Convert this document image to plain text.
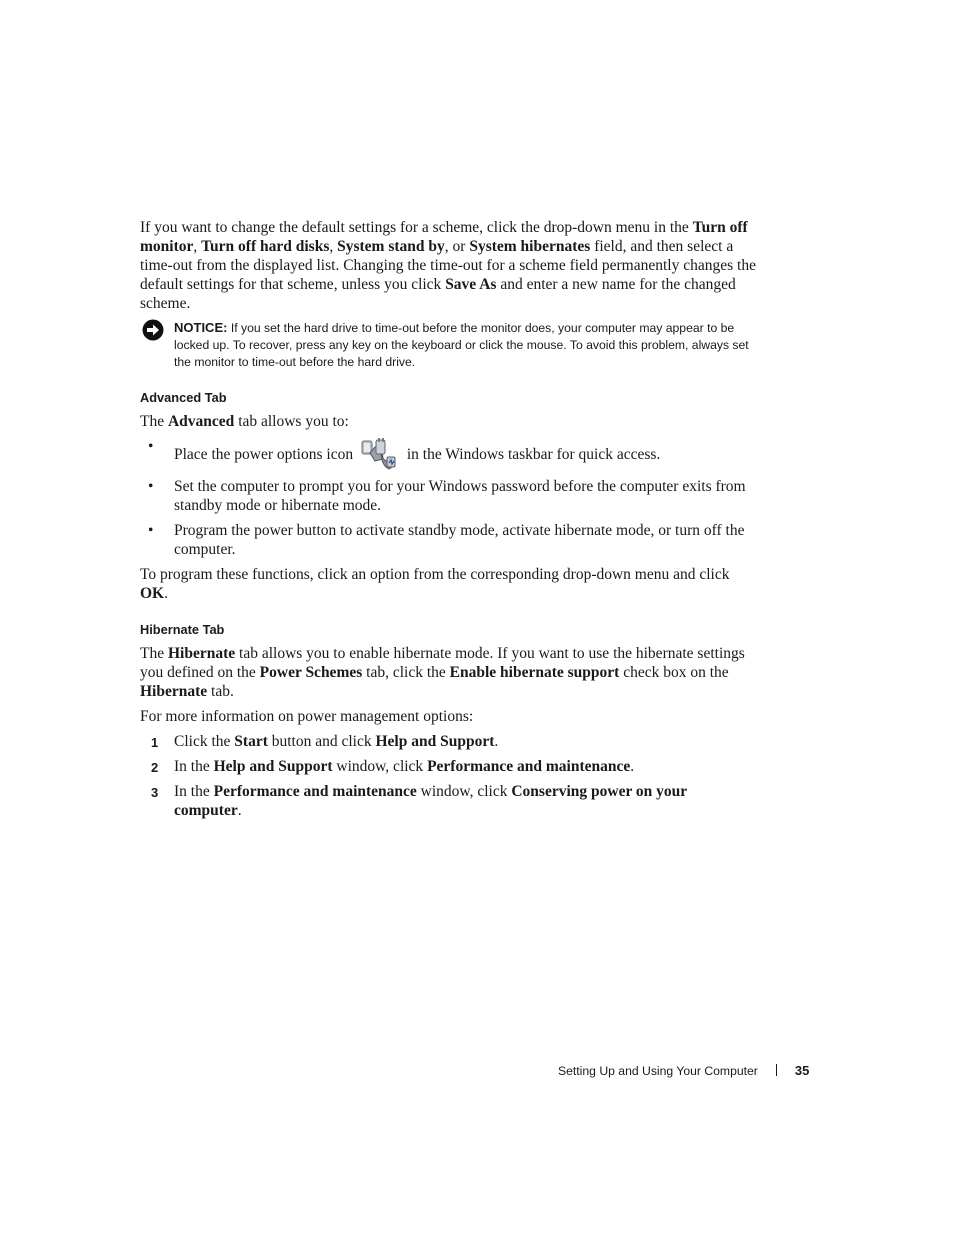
If you want to change the default settings for a scheme, click the drop-down menu in the Turn off monitor, Turn off hard disks, System stand by, or System hibernates field, and then select a time-out from the displayed list. Changing the time-out for a scheme field permanently changes the default settings for that scheme, unless you click Save As and enter a new name for the changed scheme.

NOTICE: If you set the hard drive to time-out before the monitor does, your computer may appear to be locked up. To recover, press any key on the keyboard or click the mouse. To avoid this problem, always set the monitor to time-out before the hard drive.
Advanced Tab

The Advanced tab allows you to:

• Place the power options icon	in the Windows taskbar for quick access.
• Set the computer to prompt you for your Windows password before the computer exits from standby mode or hibernate mode.
• Program the power button to activate standby mode, activate hibernate mode, or turn off the computer.

To program these functions, click an option from the corresponding drop-down menu and click OK.

Hibernate Tab

The Hibernate tab allows you to enable hibernate mode. If you want to use the hibernate settings you defined on the Power Schemes tab, click the Enable hibernate support check box on the Hibernate tab.

For more information on power management options:

1 Click the Start button and click Help and Support.
2 In the Help and Support window, click Performance and maintenance.
3 In the Performance and maintenance window, click Conserving power on your computer.
Setting Up and Using Your Computer	35
